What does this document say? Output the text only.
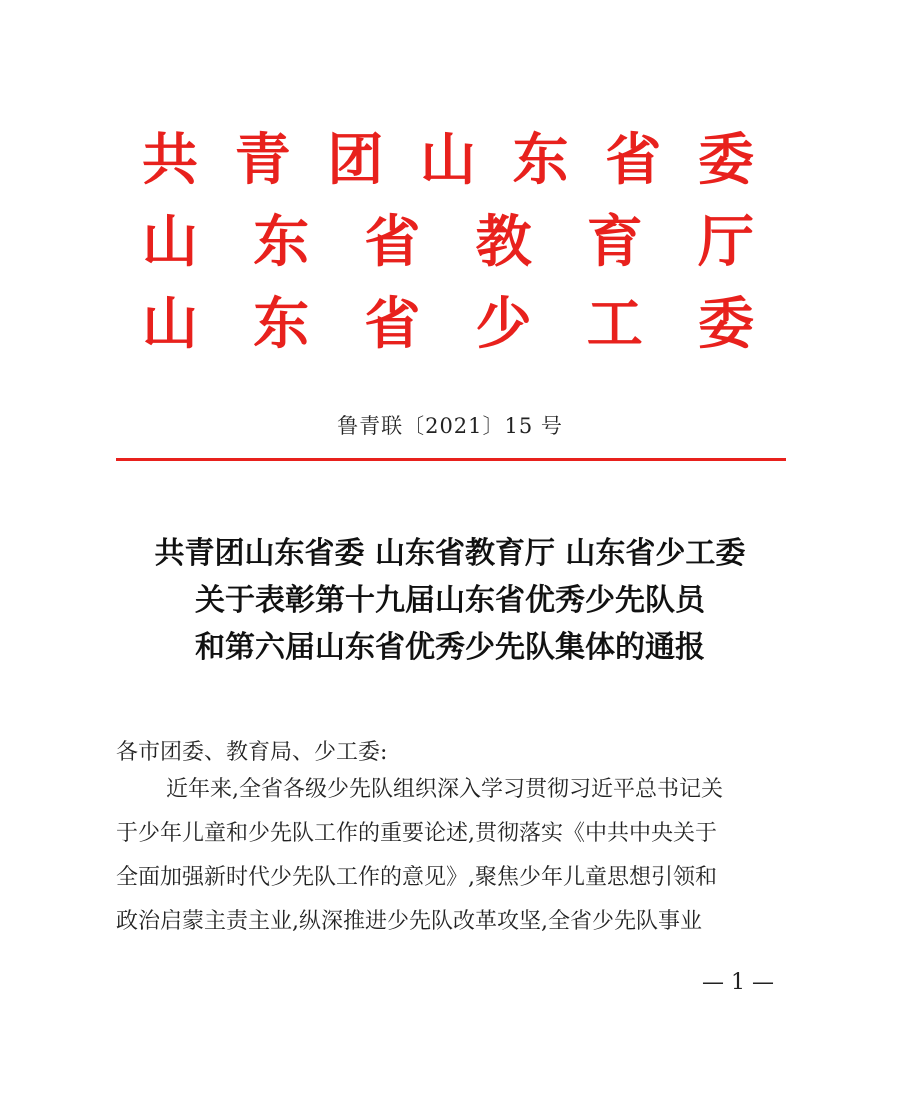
共 青 团 山 东 省 委
山 东 省 教 育 厅
山 东 省 少 工 委
鲁青联〔2021〕15 号
共青团山东省委 山东省教育厅 山东省少工委
关于表彰第十九届山东省优秀少先队员
和第六届山东省优秀少先队集体的通报
各市团委、教育局、少工委:
近年来,全省各级少先队组织深入学习贯彻习近平总书记关
于少年儿童和少先队工作的重要论述,贯彻落实《中共中央关于
全面加强新时代少先队工作的意见》,聚焦少年儿童思想引领和
政治启蒙主责主业,纵深推进少先队改革攻坚,全省少先队事业
— 1 —
